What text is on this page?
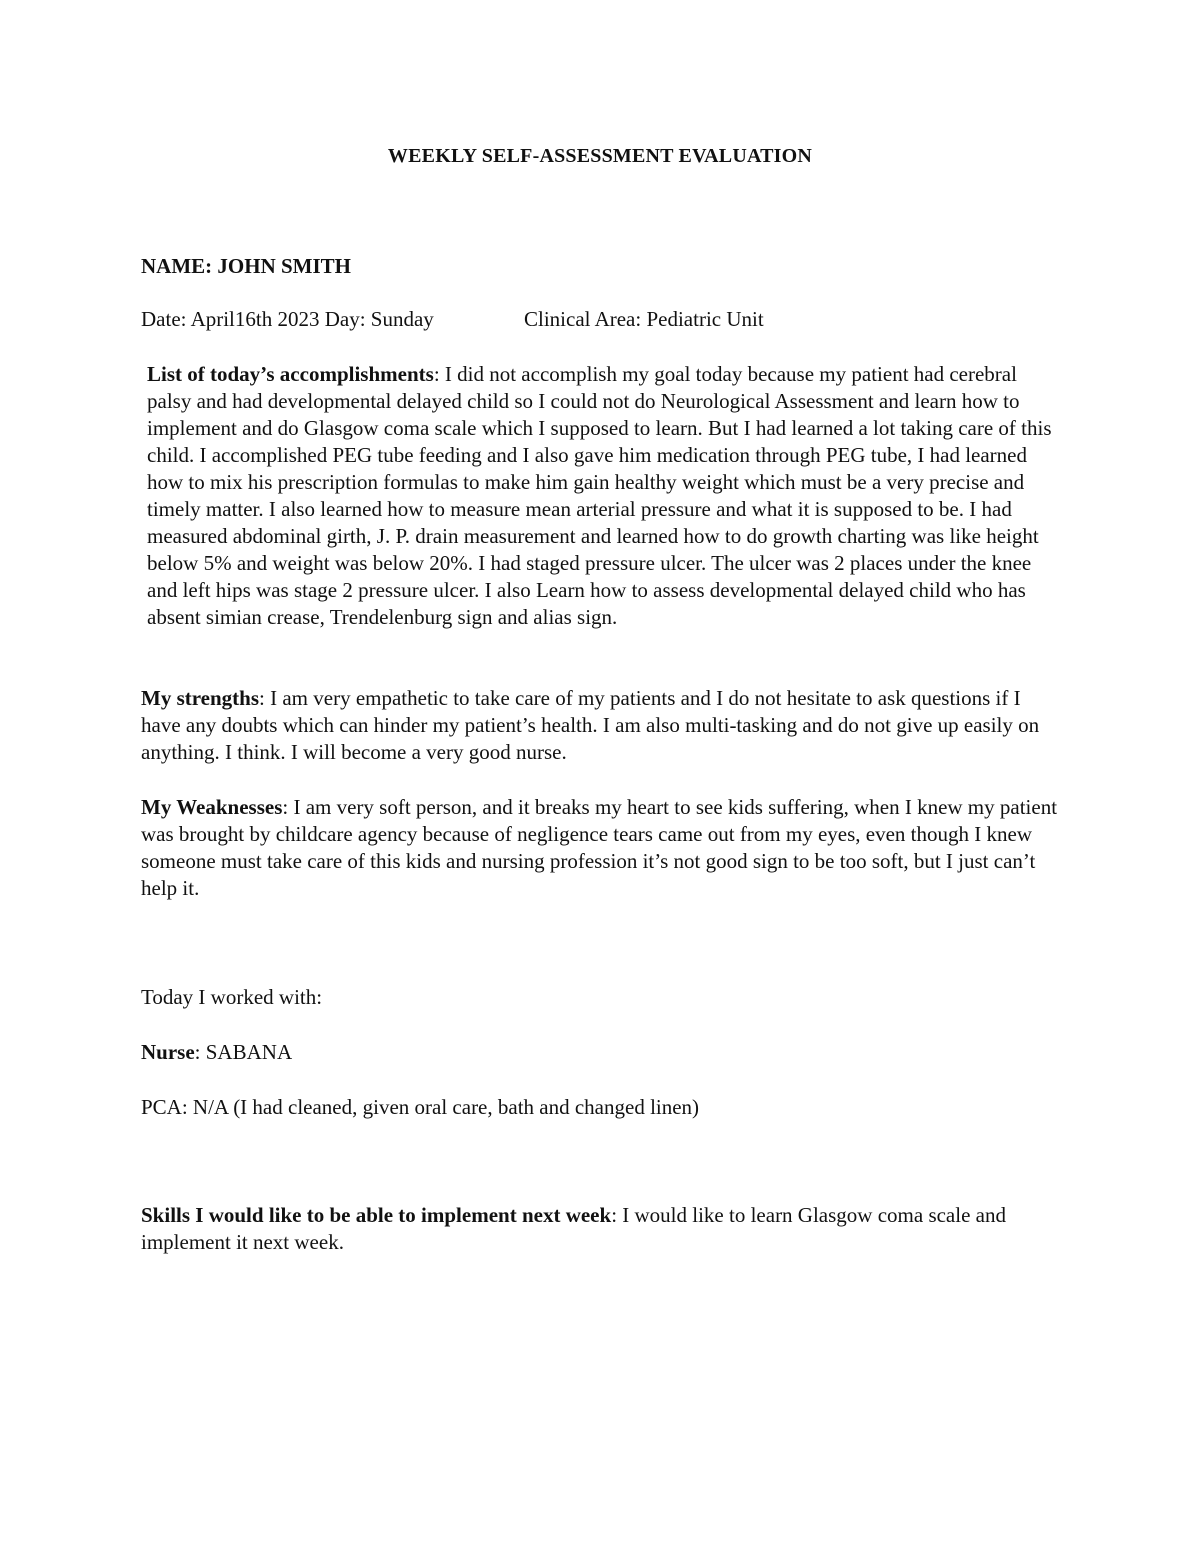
WEEKLY SELF-ASSESSMENT EVALUATION
NAME: JOHN SMITH
Date: April16th 2023 Day: Sunday	Clinical Area: Pediatric Unit

List of today’s accomplishments: I did not accomplish my goal today because my patient had cerebral palsy and had developmental delayed child so I could not do Neurological Assessment and learn how to implement and do Glasgow coma scale which I supposed to learn. But I had learned a lot taking care of this child. I accomplished PEG tube feeding and I also gave him medication through PEG tube, I had learned how to mix his prescription formulas to make him gain healthy weight which must be a very precise and timely matter. I also learned how to measure mean arterial pressure and what it is supposed to be. I had measured abdominal girth, J. P. drain measurement and learned how to do growth charting was like height below 5% and weight was below 20%. I had staged pressure ulcer. The ulcer was 2 places under the knee and left hips was stage 2 pressure ulcer. I also Learn how to assess developmental delayed child who has absent simian crease, Trendelenburg sign and alias sign.

My strengths: I am very empathetic to take care of my patients and I do not hesitate to ask questions if I have any doubts which can hinder my patient’s health. I am also multi-tasking and do not give up easily on anything. I think. I will become a very good nurse.

My Weaknesses: I am very soft person, and it breaks my heart to see kids suffering, when I knew my patient was brought by childcare agency because of negligence tears came out from my eyes, even though I knew someone must take care of this kids and nursing profession it’s not good sign to be too soft, but I just can’t help it.

Today I worked with:
Nurse: SABANA
PCA: N/A (I had cleaned, given oral care, bath and changed linen)

Skills I would like to be able to implement next week: I would like to learn Glasgow coma scale and implement it next week.
